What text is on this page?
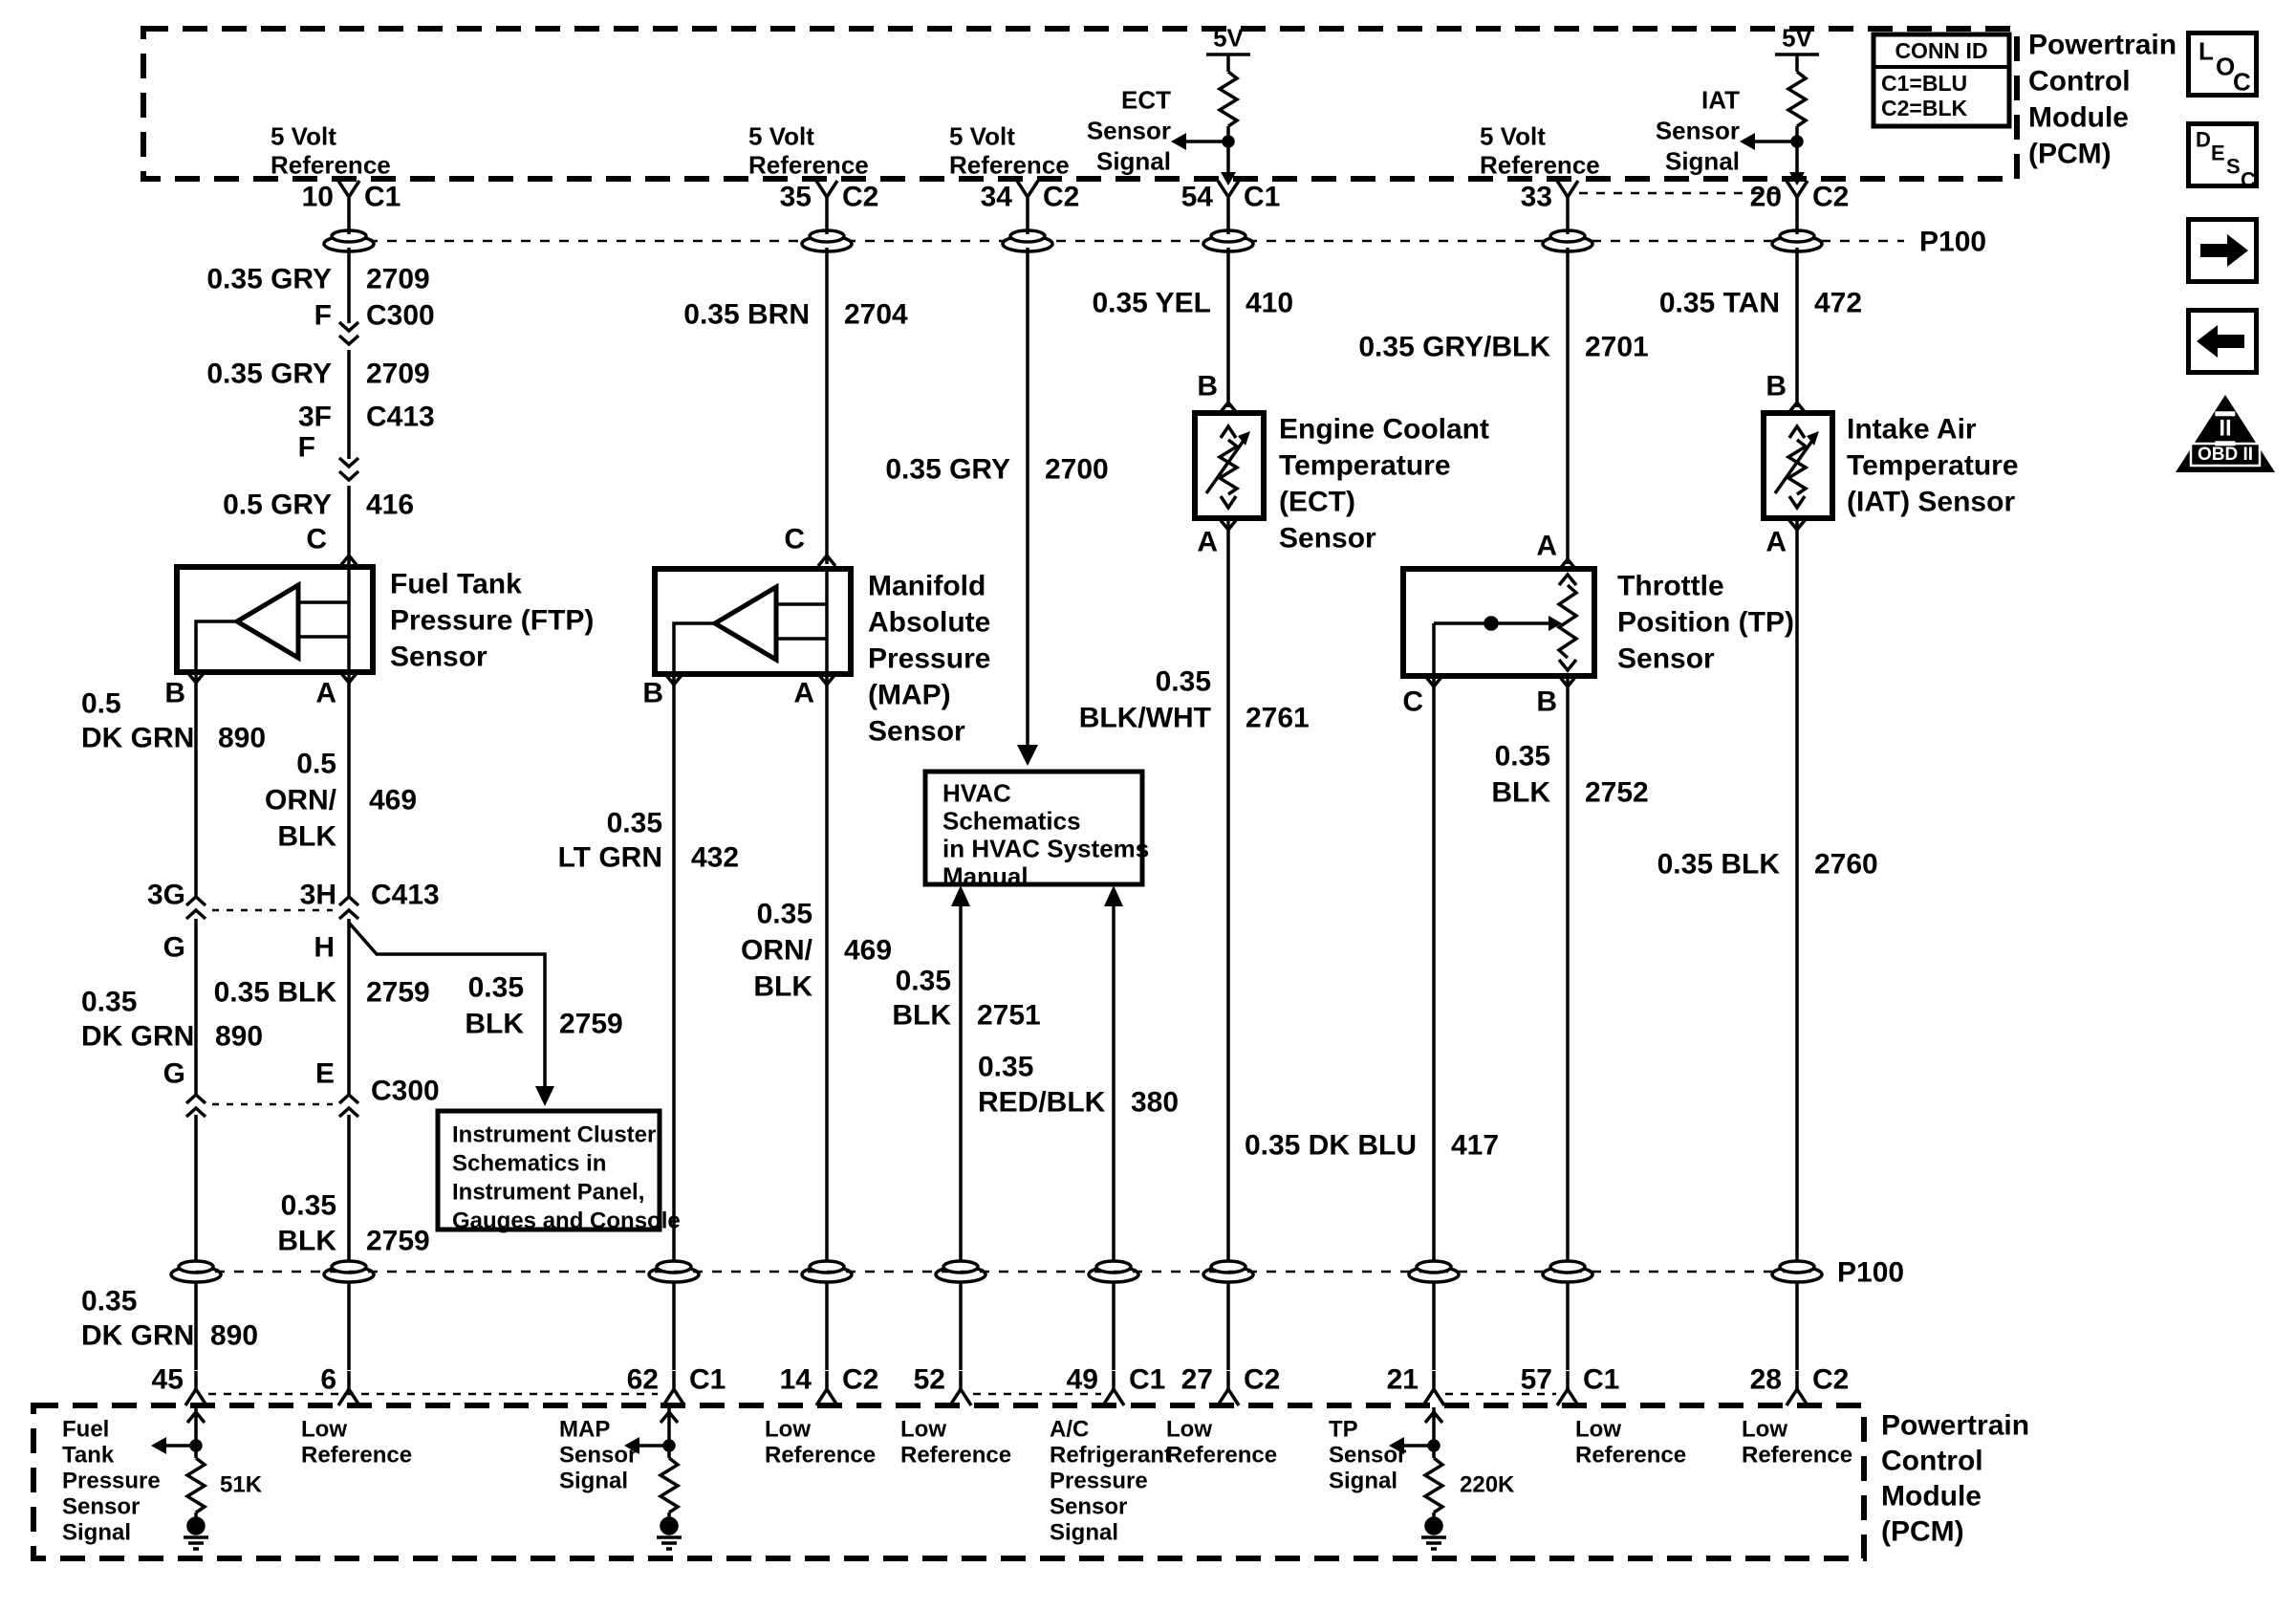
5 Volt
Reference
5 Volt
Reference
5 Volt
Reference
5 Volt
Reference
5V	5V
ECT
Sensor
Signal
IAT
Sensor
Signal
CONN ID
C1=BLU
C2=BLK
Powertrain
Control
Module
(PCM)
10 C1	35 C2	34 C2	54 C1	33	20 C2
P100
0.35 GRY 2709
F C300
0.35 GRY 2709
3F C413
F
0.5 GRY 416
C
Fuel Tank
Pressure (FTP)
Sensor
B	A
0.5
DK GRN 890
0.5
ORN/
BLK
469
3G	3H C413
G	H
0.35 BLK 2759
0.35
DK GRN 890
G	E
C300
0.35
BLK 2759
Instrument Cluster
Schematics in
Instrument Panel,
Gauges and Console
0.35
BLK 2759
0.35
DK GRN 890
0.35 BRN 2704
C
Manifold
Absolute
Pressure
(MAP)
Sensor
B	A
0.35
LT GRN 432
0.35
ORN/
BLK
469
0.35 GRY 2700
HVAC
Schematics
in HVAC Systems
Manual
0.35
BLK 2751
0.35
RED/BLK 380
0.35 YEL 410
B
Engine Coolant
Temperature
(ECT)
Sensor
A
0.35
BLK/WHT 2761
0.35 GRY/BLK 2701
A
Throttle
Position (TP)
Sensor
C	B
0.35
BLK 2752
0.35 DK BLU 417
0.35 TAN 472
B
Intake Air
Temperature
(IAT) Sensor
A
0.35 BLK 2760
P100
45	6	62 C1 14 C2 52	49 C1 27 C2	21	57 C1	28 C2
Fuel
Tank
Pressure
Sensor
Signal
51K
Low
Reference
MAP
Sensor
Signal
Low
Reference
Low
Reference
A/C
Refrigerant
Pressure
Sensor
Signal
Low
Reference
TP
Sensor
Signal	220K
Low
Reference
Low
Reference
Powertrain
Control
Module
(PCM)
L
O
C
D
E
S
C
II
OBD II
